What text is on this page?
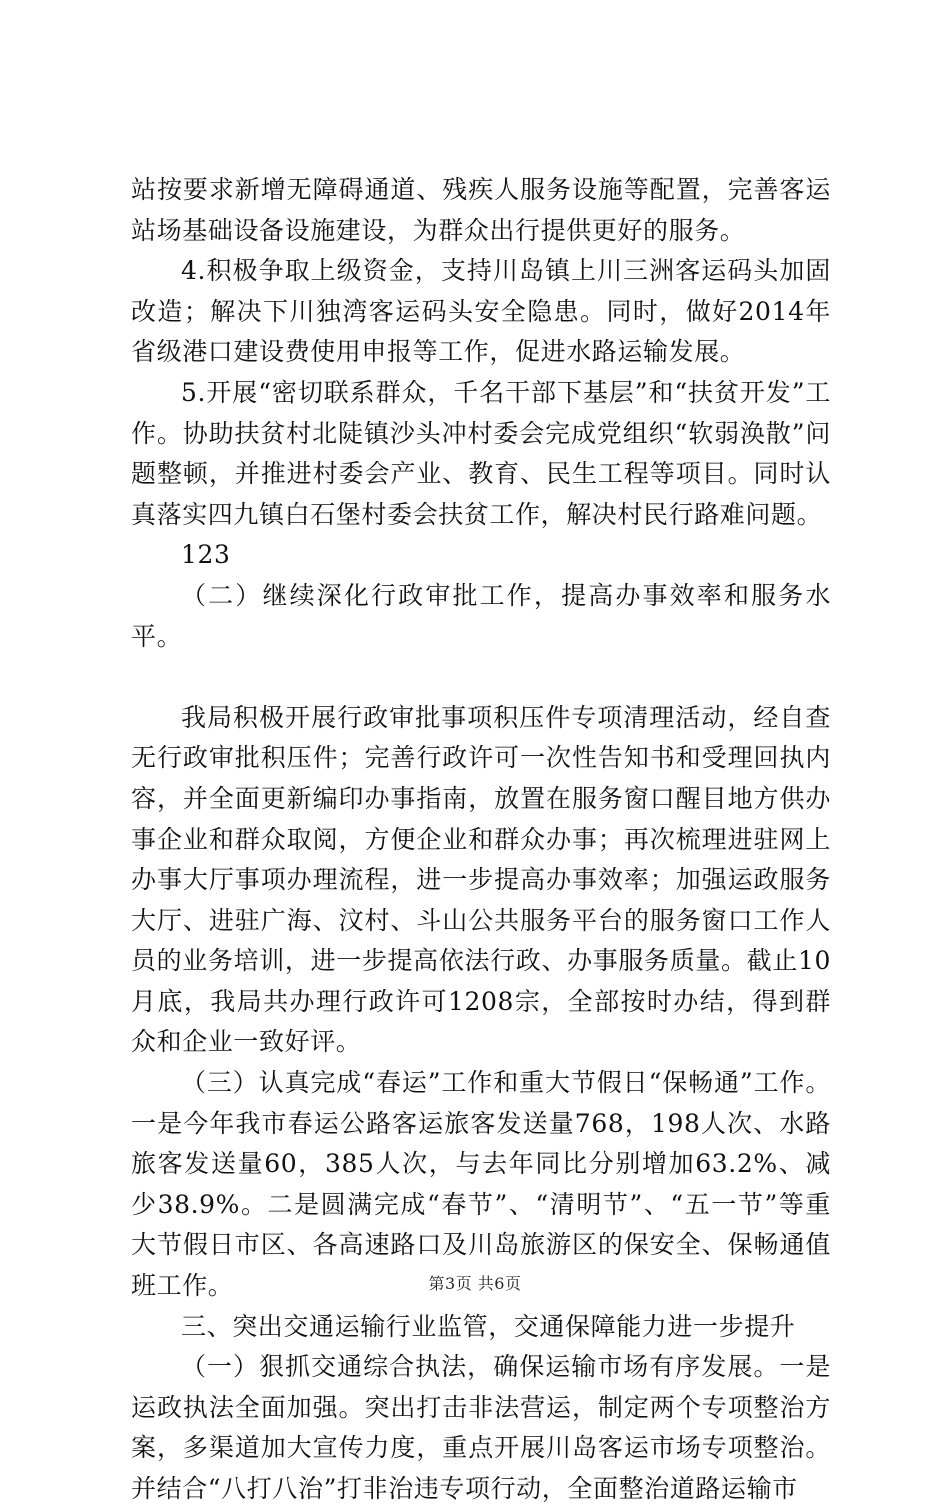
站按要求新增无障碍通道、残疾人服务设施等配置，完善客运站场基础设备设施建设，为群众出行提供更好的服务。

4.积极争取上级资金，支持川岛镇上川三洲客运码头加固改造；解决下川独湾客运码头安全隐患。同时，做好2014年省级港口建设费使用申报等工作，促进水路运输发展。

5.开展“密切联系群众，千名干部下基层”和“扶贫开发”工作。协助扶贫村北陡镇沙头冲村委会完成党组织“软弱涣散”问题整顿，并推进村委会产业、教育、民生工程等项目。同时认真落实四九镇白石堡村委会扶贫工作，解决村民行路难问题。

123

（二）继续深化行政审批工作，提高办事效率和服务水平。

我局积极开展行政审批事项积压件专项清理活动，经自查无行政审批积压件；完善行政许可一次性告知书和受理回执内容，并全面更新编印办事指南，放置在服务窗口醒目地方供办事企业和群众取阅，方便企业和群众办事；再次梳理进驻网上办事大厅事项办理流程，进一步提高办事效率；加强运政服务大厅、进驻广海、汶村、斗山公共服务平台的服务窗口工作人员的业务培训，进一步提高依法行政、办事服务质量。截止10月底，我局共办理行政许可1208宗，全部按时办结，得到群众和企业一致好评。

（三）认真完成“春运”工作和重大节假日“保畅通”工作。一是今年我市春运公路客运旅客发送量768，198人次、水路旅客发送量60，385人次，与去年同比分别增加63.2%、减少38.9%。二是圆满完成“春节”、“清明节”、“五一节”等重大节假日市区、各高速路口及川岛旅游区的保安全、保畅通值班工作。

三、突出交通运输行业监管，交通保障能力进一步提升

（一）狠抓交通综合执法，确保运输市场有序发展。一是运政执法全面加强。突出打击非法营运，制定两个专项整治方案，多渠道加大宣传力度，重点开展川岛客运市场专项整治。并结合“八打八治”打非治违专项行动，全面整治道路运输市

第3页 共6页
